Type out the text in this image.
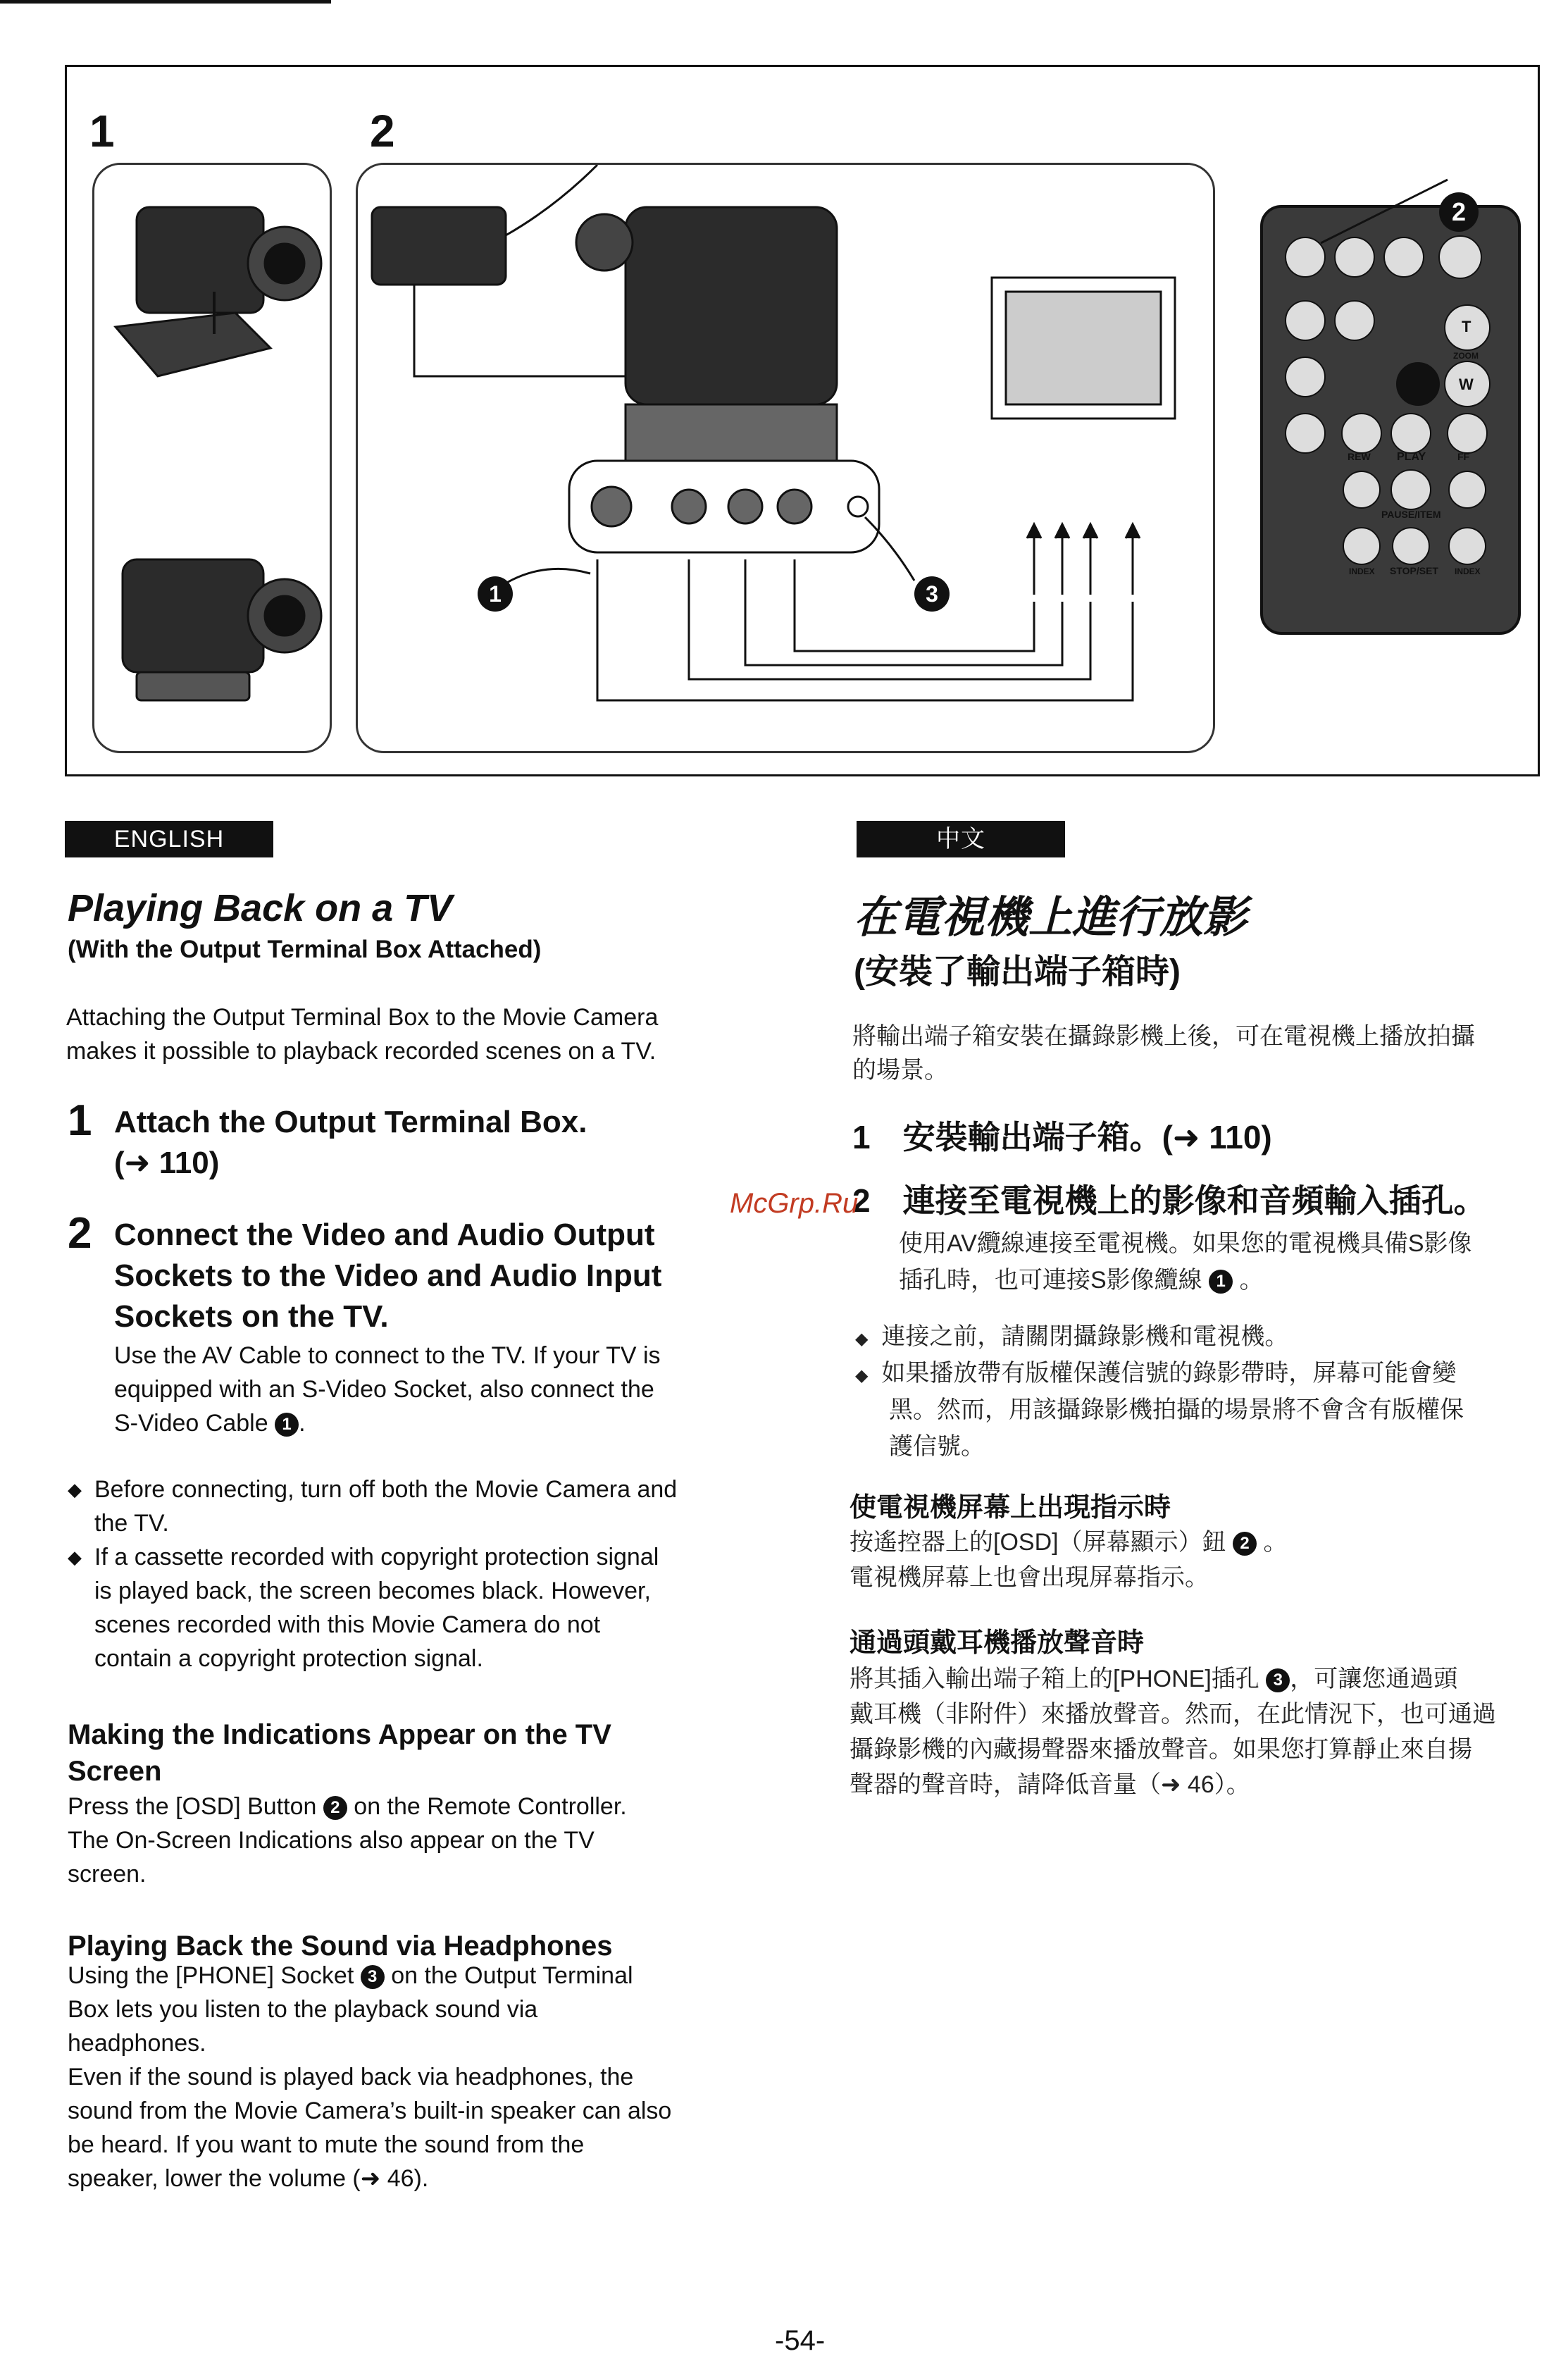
1	2
1	3
REW PLAY	FF
PAUSE/ITEM
STOP/SET
INDEX	INDEX
ZOOM
T
W
2
ENGLISH
Playing Back on a TV
(With the Output Terminal Box Attached)
Attaching the Output Terminal Box to the Movie Camera
makes it possible to playback recorded scenes on a TV.
1 Attach the Output Terminal Box.
(➜ 110)
2 Connect the Video and Audio Output
Sockets to the Video and Audio Input
Sockets on the TV.
Use the AV Cable to connect to the TV. If your TV is
equipped with an S-Video Socket, also connect the
S-Video Cable 1 .
◆ Before connecting, turn off both the Movie Camera and
the TV.
◆ If a cassette recorded with copyright protection signal
is played back, the screen becomes black. However,
scenes recorded with this Movie Camera do not
contain a copyright protection signal.
Making the Indications Appear on the TV
Screen
Press the [OSD] Button 2 on the Remote Controller.
The On-Screen Indications also appear on the TV
screen.
Playing Back the Sound via Headphones
Using the [PHONE] Socket 3 on the Output Terminal
Box lets you listen to the playback sound via
headphones.
Even if the sound is played back via headphones, the
sound from the Movie Camera’s built-in speaker can also
be heard. If you want to mute the sound from the
speaker, lower the volume (➜ 46).
中文
在電視機上進行放影
(安裝了輸出端子箱時)
將輸出端子箱安裝在攝錄影機上後，可在電視機上播放拍攝
的場景。
1　安裝輸出端子箱。(➜ 110)
2　連接至電視機上的影像和音頻輸入插孔。
使用AV纜線連接至電視機。如果您的電視機具備S影像
插孔時，也可連接S影像纜線 1 。
◆ 連接之前，請關閉攝錄影機和電視機。
◆ 如果播放帶有版權保護信號的錄影帶時，屏幕可能會變
黑。然而，用該攝錄影機拍攝的場景將不會含有版權保
護信號。
使電視機屏幕上出現指示時
按遙控器上的[OSD]（屏幕顯示）鈕 2 。
電視機屏幕上也會出現屏幕指示。
通過頭戴耳機播放聲音時
將其插入輸出端子箱上的[PHONE]插孔 3 ，可讓您通過頭
戴耳機（非附件）來播放聲音。然而，在此情況下，也可通過
攝錄影機的內藏揚聲器來播放聲音。如果您打算靜止來自揚
聲器的聲音時，請降低音量（➜ 46）。
McGrp.Ru
-54-
